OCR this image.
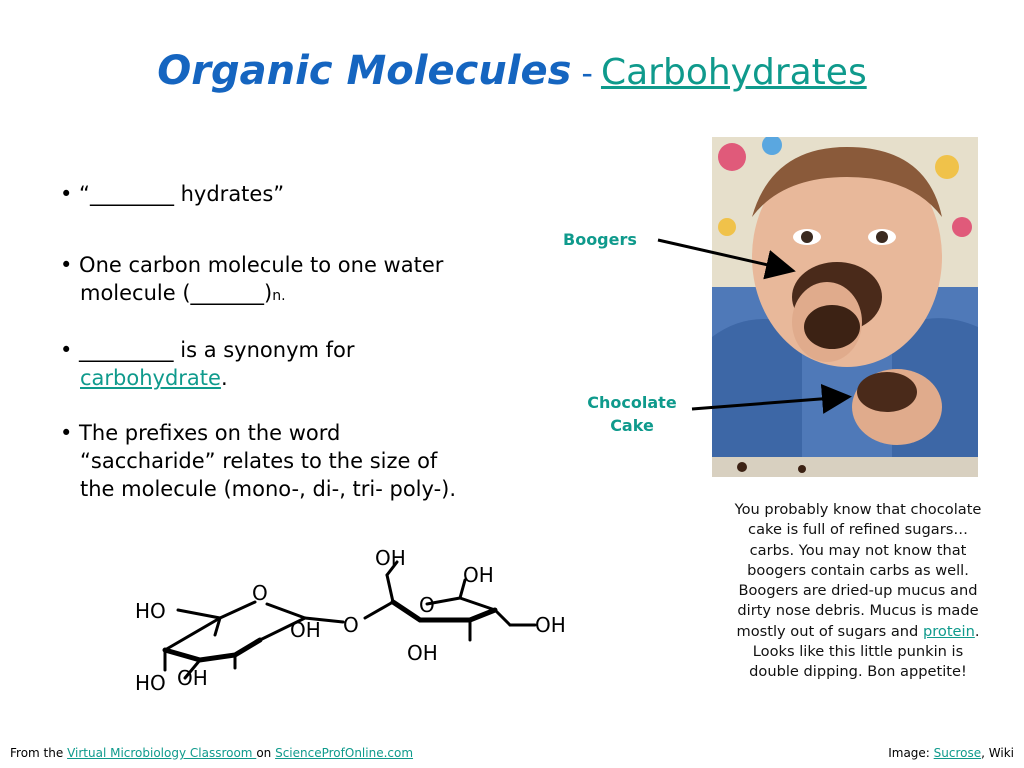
Organic Molecules - Carbohydrates
• “________ hydrates”
• One carbon molecule to one water
molecule (_______)n.
• _________ is a synonym for
carbohydrate.
• The prefixes on the word
“saccharide” relates to the size of
the molecule (mono-, di-, tri- poly-).
Boogers
Chocolate
Cake
HO
O
OH
HO OH
O
OH
O
OH
OH
OH
You probably know that chocolate cake is full of refined sugars…carbs. You may not know that boogers contain carbs as well. Boogers are dried-up mucus and dirty nose debris. Mucus is made mostly out of sugars and protein. Looks like this little punkin is double dipping. Bon appetite!
From the Virtual Microbiology Classroom on ScienceProfOnline.com	Image: Sucrose, Wiki
